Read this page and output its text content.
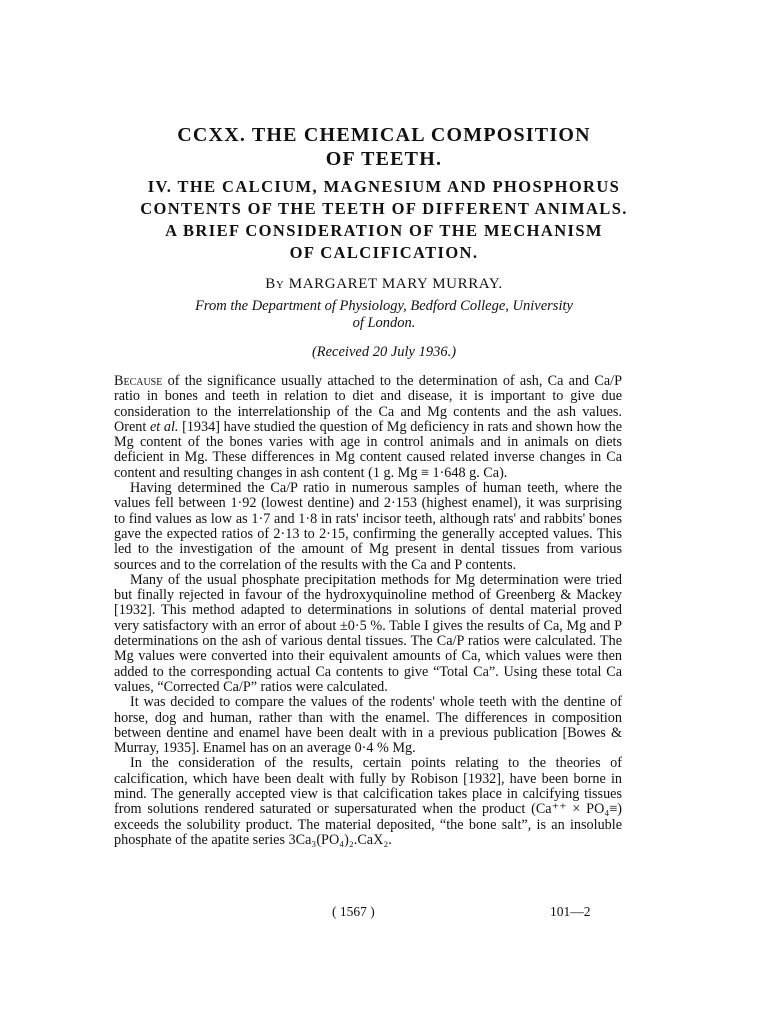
CCXX. THE CHEMICAL COMPOSITION
OF TEETH.
IV. THE CALCIUM, MAGNESIUM AND PHOSPHORUS
CONTENTS OF THE TEETH OF DIFFERENT ANIMALS.
A BRIEF CONSIDERATION OF THE MECHANISM
OF CALCIFICATION.
By MARGARET MARY MURRAY.
From the Department of Physiology, Bedford College, University
of London.
(Received 20 July 1936.)

Because of the significance usually attached to the determination of ash, Ca and Ca/P ratio in bones and teeth in relation to diet and disease, it is important to give due consideration to the interrelationship of the Ca and Mg contents and the ash values. Orent et al. [1934] have studied the question of Mg deficiency in rats and shown how the Mg content of the bones varies with age in control animals and in animals on diets deficient in Mg. These differences in Mg content caused related inverse changes in Ca content and resulting changes in ash content (1 g. Mg ≡ 1·648 g. Ca).

Having determined the Ca/P ratio in numerous samples of human teeth, where the values fell between 1·92 (lowest dentine) and 2·153 (highest enamel), it was surprising to find values as low as 1·7 and 1·8 in rats' incisor teeth, although rats' and rabbits' bones gave the expected ratios of 2·13 to 2·15, confirming the generally accepted values. This led to the investigation of the amount of Mg present in dental tissues from various sources and to the correlation of the results with the Ca and P contents.

Many of the usual phosphate precipitation methods for Mg determination were tried but finally rejected in favour of the hydroxyquinoline method of Greenberg & Mackey [1932]. This method adapted to determinations in solutions of dental material proved very satisfactory with an error of about ±0·5 %. Table I gives the results of Ca, Mg and P determinations on the ash of various dental tissues. The Ca/P ratios were calculated. The Mg values were converted into their equivalent amounts of Ca, which values were then added to the corresponding actual Ca contents to give “Total Ca”. Using these total Ca values, “Corrected Ca/P” ratios were calculated.

It was decided to compare the values of the rodents' whole teeth with the dentine of horse, dog and human, rather than with the enamel. The differences in composition between dentine and enamel have been dealt with in a previous publication [Bowes & Murray, 1935]. Enamel has on an average 0·4 % Mg.

In the consideration of the results, certain points relating to the theories of calcification, which have been dealt with fully by Robison [1932], have been borne in mind. The generally accepted view is that calcification takes place in calcifying tissues from solutions rendered saturated or supersaturated when the product (Ca⁺⁺ × PO₄≡) exceeds the solubility product. The material deposited, “the bone salt”, is an insoluble phosphate of the apatite series 3Ca₃(PO₄)₂.CaX₂.

( 1567 )	101—2
